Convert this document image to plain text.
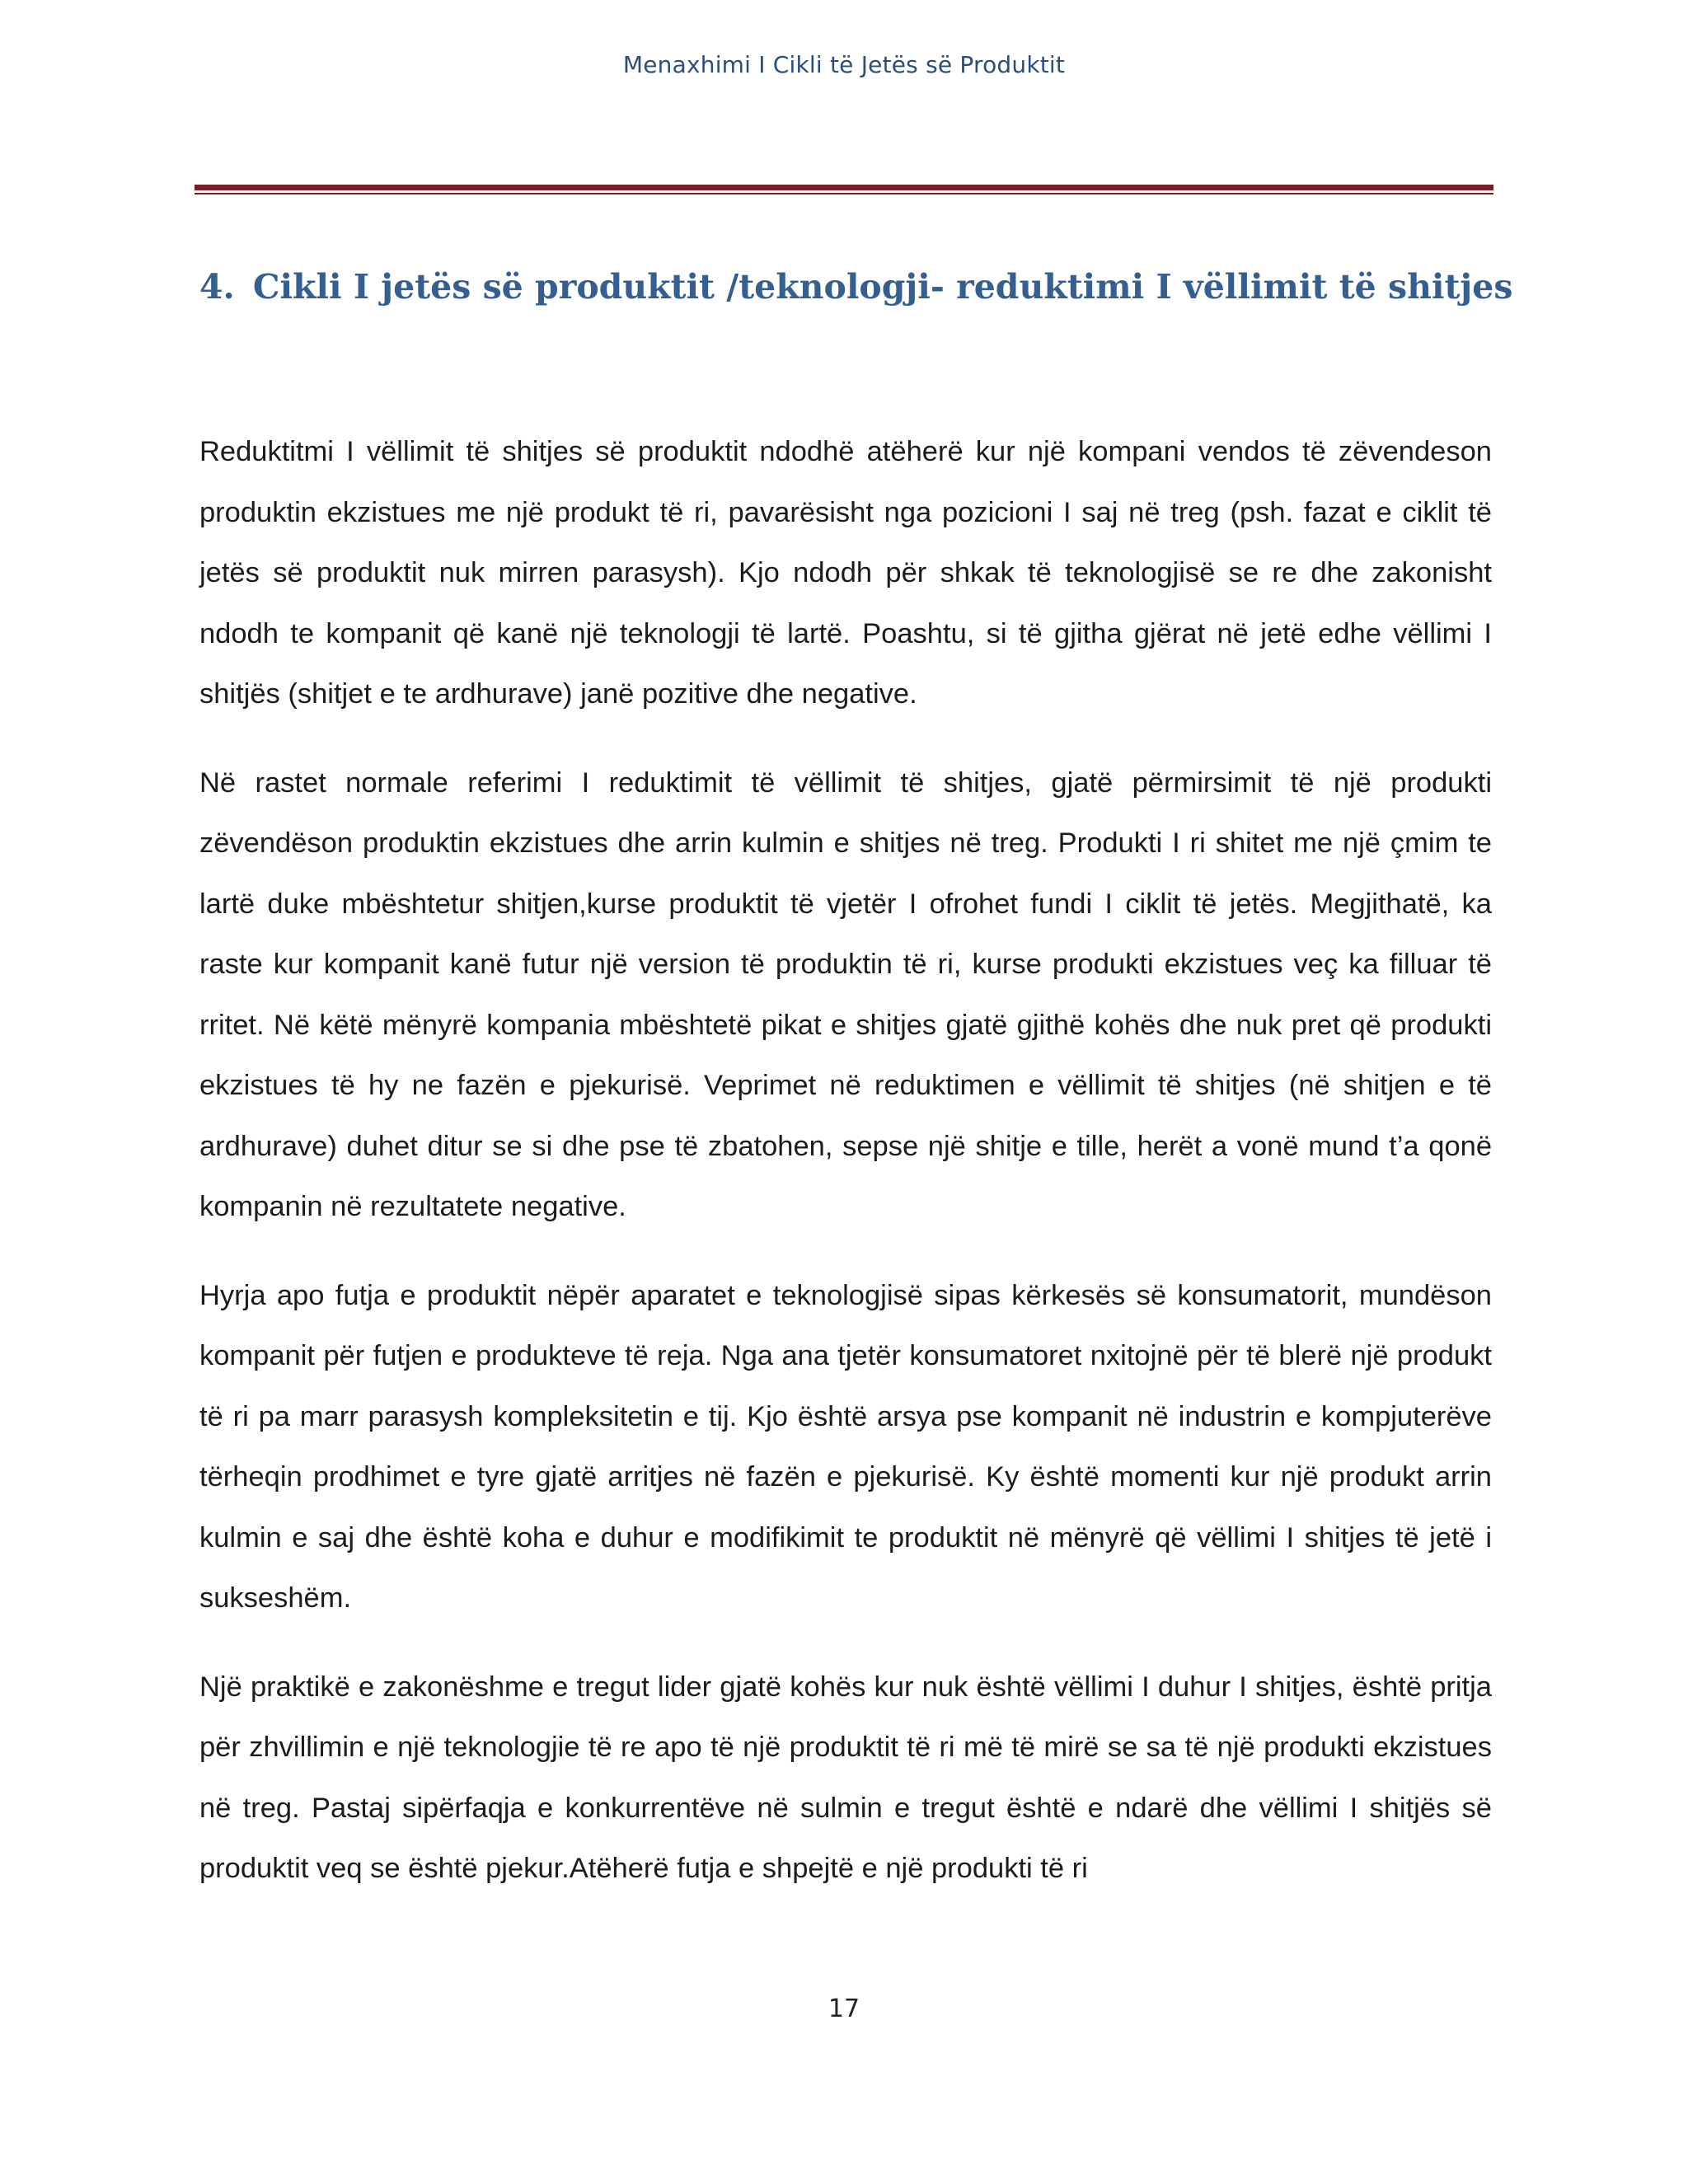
Menaxhimi I Cikli të Jetës së Produktit
4. Cikli I jetës së produktit /teknologji- reduktimi I vëllimit të shitjes

Reduktitmi I vëllimit të shitjes së produktit ndodhë atëherë kur një kompani vendos të zëvendeson produktin ekzistues me një produkt të ri, pavarësisht nga pozicioni I saj në treg (psh. fazat e ciklit të jetës së produktit nuk mirren parasysh). Kjo ndodh për shkak të teknologjisë se re dhe zakonisht ndodh te kompanit që kanë një teknologji të lartë. Poashtu, si të gjitha gjërat në jetë edhe vëllimi I shitjës (shitjet e te ardhurave) janë pozitive dhe negative.

Në rastet normale referimi I reduktimit të vëllimit të shitjes, gjatë përmirsimit të një produkti zëvendëson produktin ekzistues dhe arrin kulmin e shitjes në treg. Produkti I ri shitet me një çmim te lartë duke mbështetur shitjen,kurse produktit të vjetër I ofrohet fundi I ciklit të jetës. Megjithatë, ka raste kur kompanit kanë futur një version të produktin të ri, kurse produkti ekzistues veç ka filluar të rritet. Në këtë mënyrë kompania mbështetë pikat e shitjes gjatë gjithë kohës dhe nuk pret që produkti ekzistues të hy ne fazën e pjekurisë. Veprimet në reduktimen e vëllimit të shitjes (në shitjen e të ardhurave) duhet ditur se si dhe pse të zbatohen, sepse një shitje e tille, herët a vonë mund t’a qonë kompanin në rezultatete negative.

Hyrja apo futja e produktit nëpër aparatet e teknologjisë sipas kërkesës së konsumatorit, mundëson kompanit për futjen e produkteve të reja. Nga ana tjetër konsumatoret nxitojnë për të blerë një produkt të ri pa marr parasysh kompleksitetin e tij. Kjo është arsya pse kompanit në industrin e kompjuterëve tërheqin prodhimet e tyre gjatë arritjes në fazën e pjekurisë. Ky është momenti kur një produkt arrin kulmin e saj dhe është koha e duhur e modifikimit te produktit në mënyrë që vëllimi I shitjes të jetë i sukseshëm.

Një praktikë e zakonëshme e tregut lider gjatë kohës kur nuk është vëllimi I duhur I shitjes, është pritja për zhvillimin e një teknologjie të re apo të një produktit të ri më të mirë se sa të një produkti ekzistues në treg. Pastaj sipërfaqja e konkurrentëve në sulmin e tregut është e ndarë dhe vëllimi I shitjës së produktit veq se është pjekur.Atëherë futja e shpejtë e një produkti të ri

17
